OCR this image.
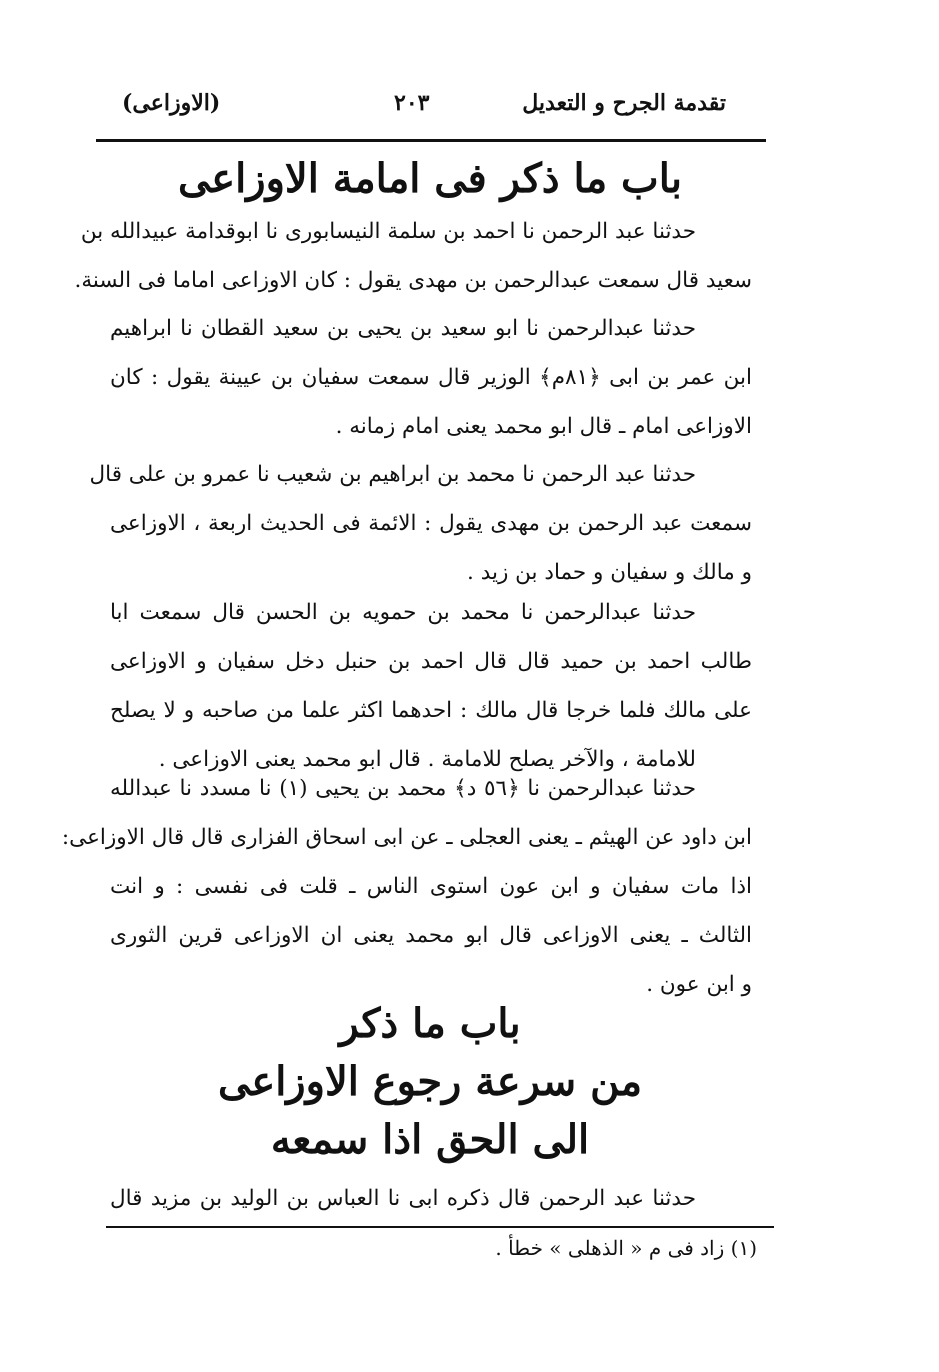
تقدمة الجرح و التعديل
٢٠٣
(الاوزاعى)
باب ما ذكر فى امامة الاوزاعى
حدثنا عبد الرحمن نا احمد بن سلمة النيسابورى نا ابوقدامة عبيدالله بن
سعيد قال سمعت عبدالرحمن بن مهدى يقول : كان الاوزاعى اماما فى السنة.
حدثنا عبدالرحمن نا ابو سعيد بن يحيى بن سعيد القطان نا ابراهيم
ابن عمر بن ابى ﴿٨١م﴾ الوزير قال سمعت سفيان بن عيينة يقول : كان
الاوزاعى امام ـ قال ابو محمد يعنى امام زمانه .
حدثنا عبد الرحمن نا محمد بن ابراهيم بن شعيب نا عمرو بن على قال
سمعت عبد الرحمن بن مهدى يقول : الائمة فى الحديث اربعة ، الاوزاعى
و مالك و سفيان و حماد بن زيد .
حدثنا عبدالرحمن نا محمد بن حمويه بن الحسن قال سمعت ابا
طالب احمد بن حميد قال قال احمد بن حنبل دخل سفيان و الاوزاعى
على مالك فلما خرجا قال مالك : احدهما اكثر علما من صاحبه و لا يصلح
للامامة ، والآخر يصلح للامامة . قال ابو محمد يعنى الاوزاعى .
حدثنا عبدالرحمن نا ﴿٥٦ د﴾ محمد بن يحيى (١) نا مسدد نا عبدالله
ابن داود عن الهيثم ـ يعنى العجلى ـ عن ابى اسحاق الفزارى قال قال الاوزاعى:
اذا مات سفيان و ابن عون استوى الناس ـ قلت فى نفسى : و انت
الثالث ـ يعنى الاوزاعى قال ابو محمد يعنى ان الاوزاعى قرين الثورى
و ابن عون .
باب ما ذكر
من سرعة رجوع الاوزاعى
الى الحق اذا سمعه
حدثنا عبد الرحمن قال ذكره ابى نا العباس بن الوليد بن مزيد قال
(١) زاد فى م « الذهلى » خطأ .
